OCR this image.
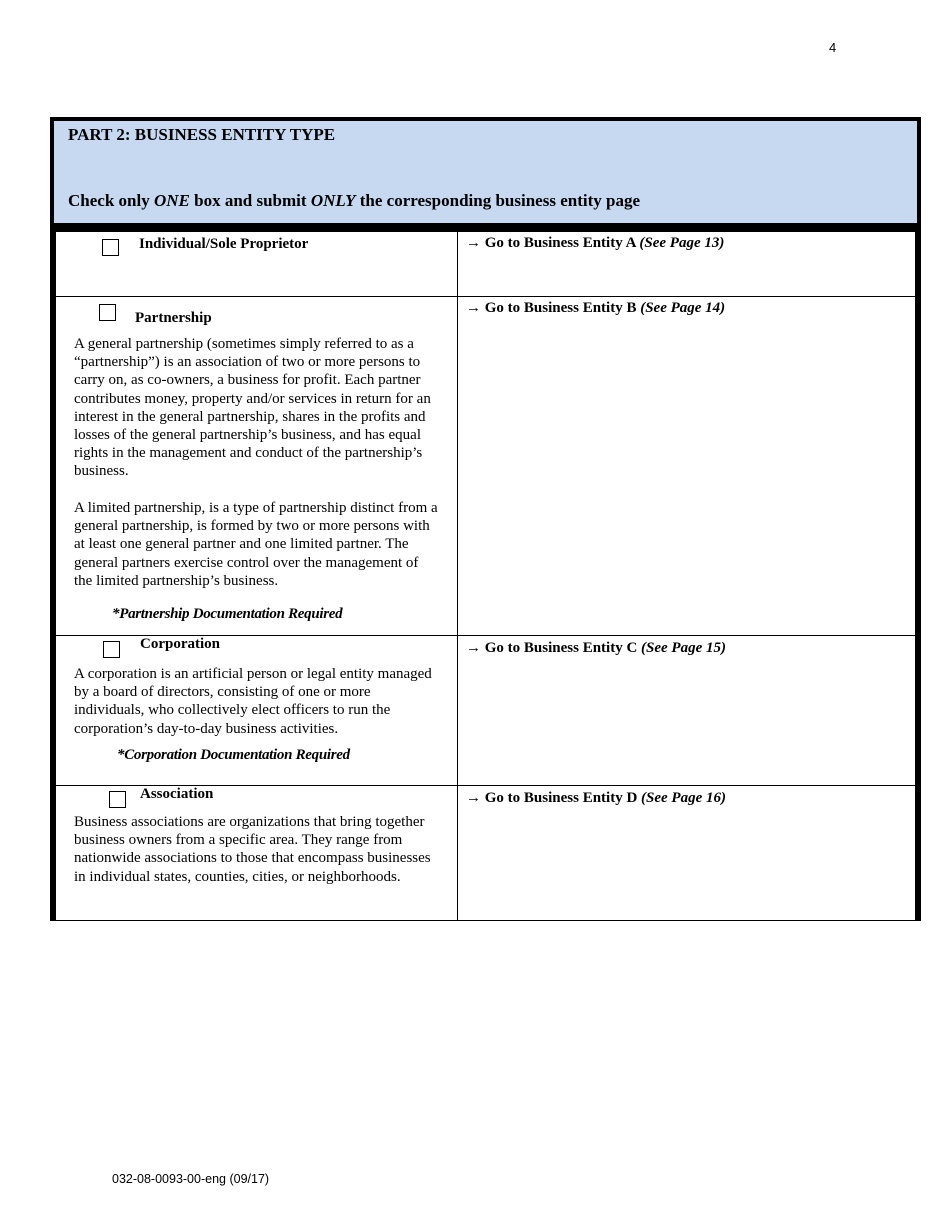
4
PART 2: BUSINESS ENTITY TYPE
Check only ONE box and submit ONLY the corresponding business entity page
Individual/Sole Proprietor	→ Go to Business Entity A (See Page 13)
Partnership
A general partnership (sometimes simply referred to as a
“partnership”) is an association of two or more persons to
carry on, as co-owners, a business for profit. Each partner
contributes money, property and/or services in return for an
interest in the general partnership, shares in the profits and
losses of the general partnership’s business, and has equal
rights in the management and conduct of the partnership’s
business.
A limited partnership, is a type of partnership distinct from a
general partnership, is formed by two or more persons with
at least one general partner and one limited partner. The
general partners exercise control over the management of
the limited partnership’s business.
*Partnership Documentation Required
→ Go to Business Entity B (See Page 14)
Corporation
A corporation is an artificial person or legal entity managed
by a board of directors, consisting of one or more
individuals, who collectively elect officers to run the
corporation’s day-to-day business activities.
*Corporation Documentation Required
→ Go to Business Entity C (See Page 15)
Association
Business associations are organizations that bring together
business owners from a specific area. They range from
nationwide associations to those that encompass businesses
in individual states, counties, cities, or neighborhoods.
→ Go to Business Entity D (See Page 16)
032-08-0093-00-eng (09/17)
